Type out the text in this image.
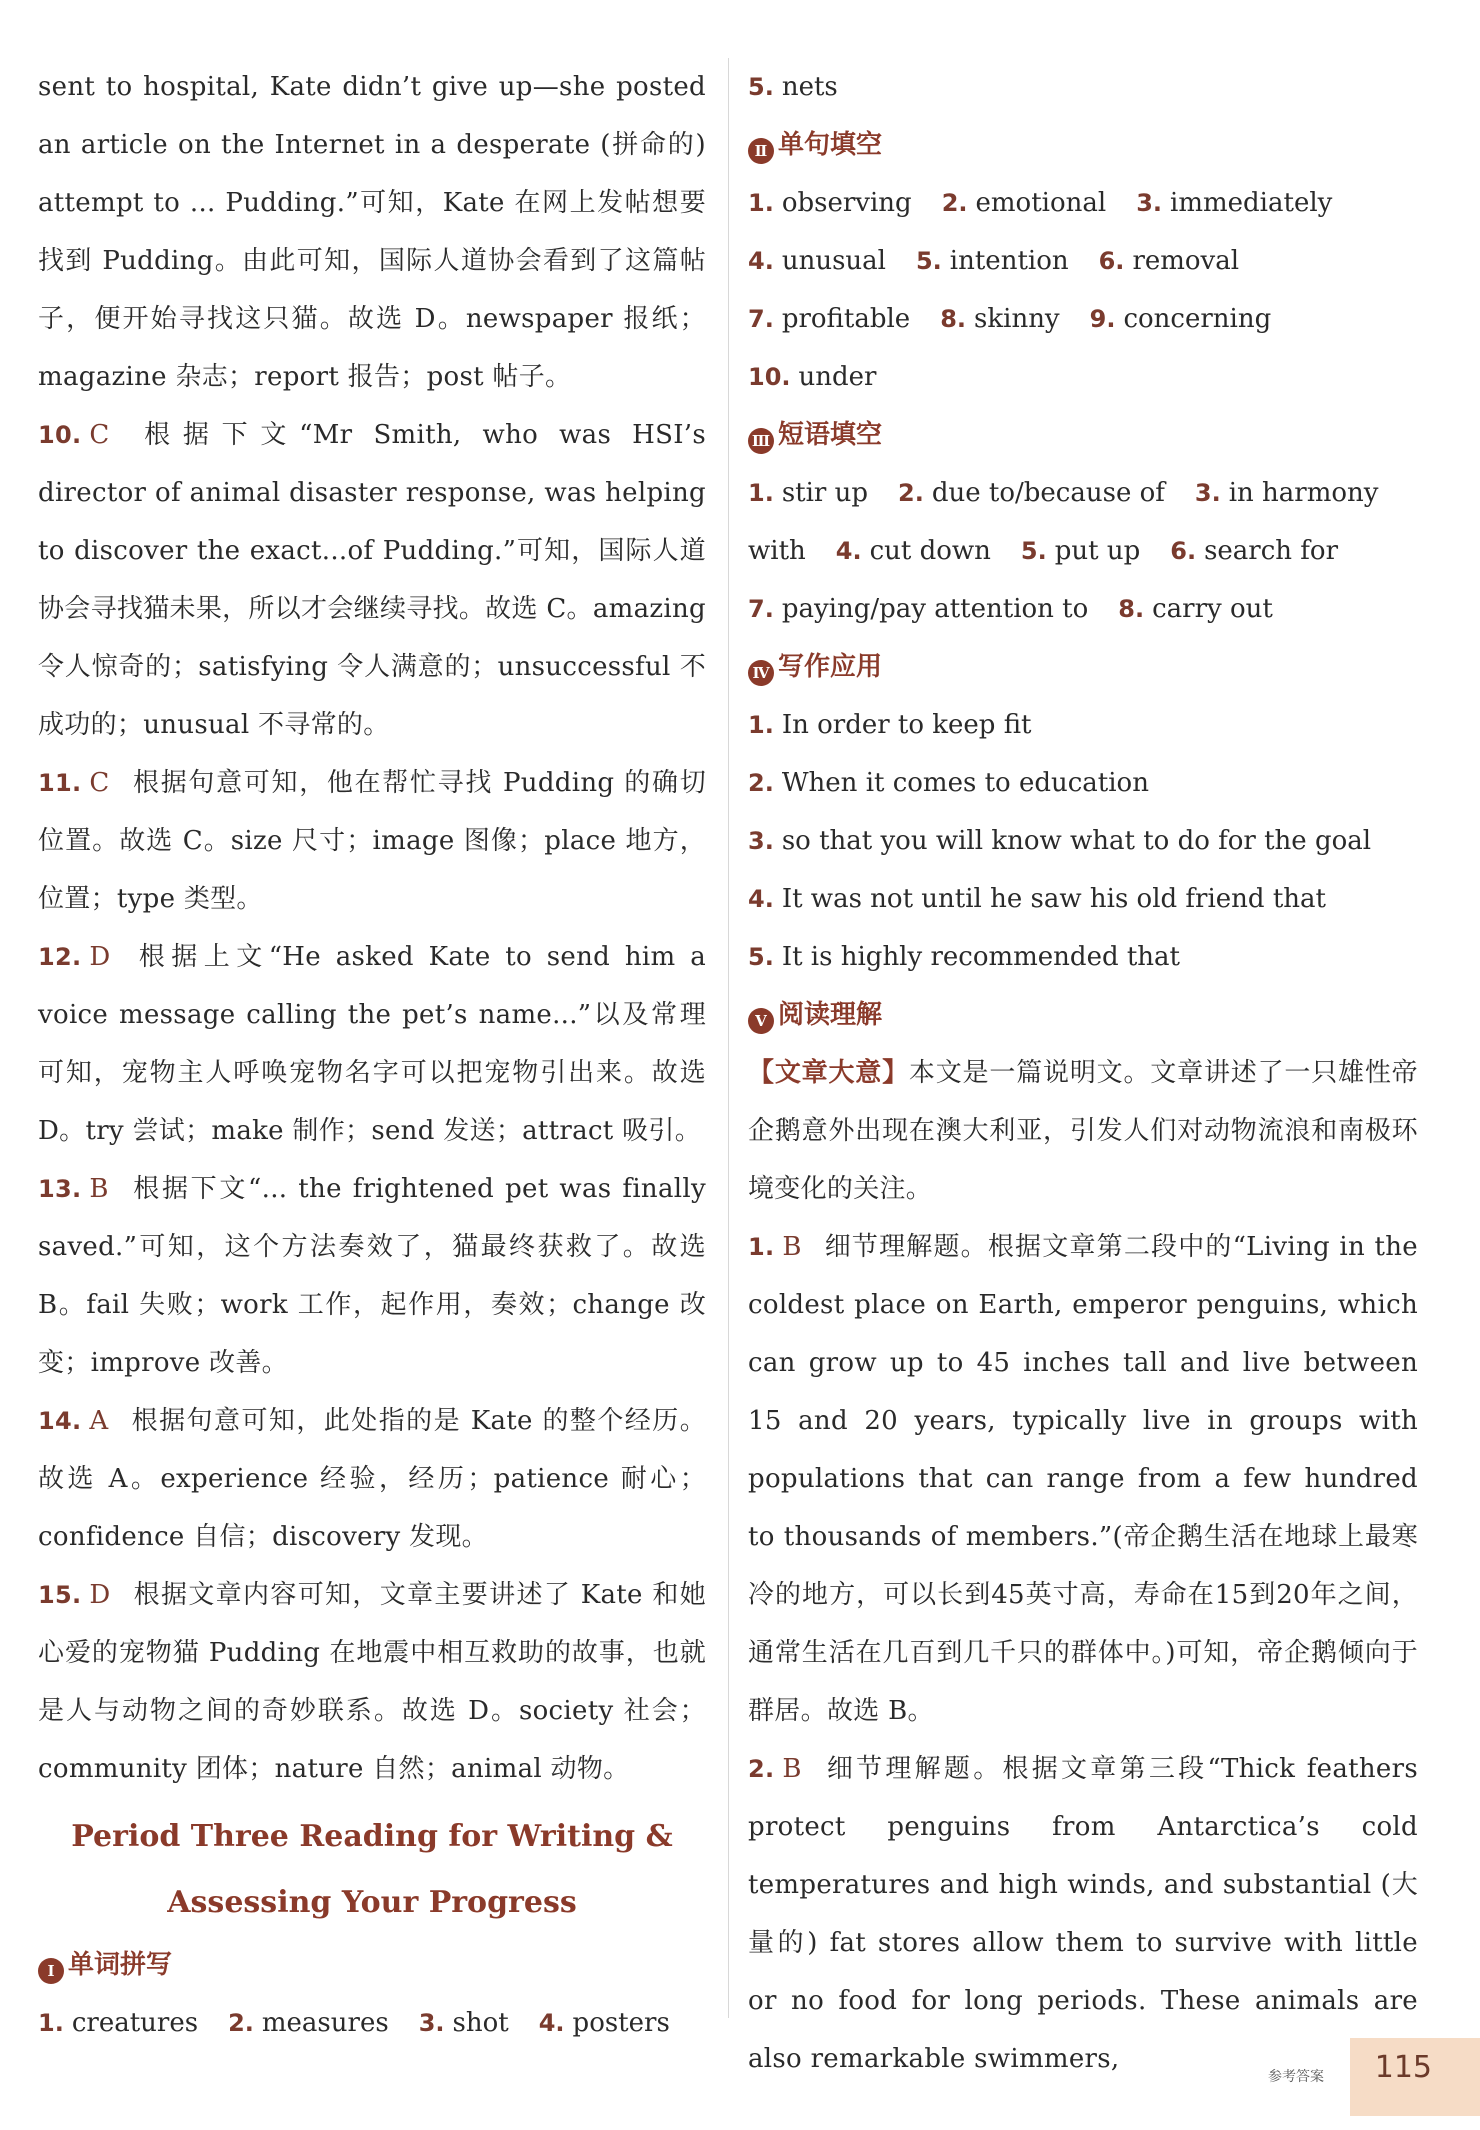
sent to hospital, Kate didn’t give up—she posted an article on the Internet in a desperate (拼命的) attempt to ... Pudding.”可知，Kate 在网上发帖想要找到 Pudding。由此可知，国际人道协会看到了这篇帖子，便开始寻找这只猫。故选 D。newspaper 报纸；magazine 杂志；report 报告；post 帖子。

10. C 根据下文“Mr Smith, who was HSI’s director of animal disaster response, was helping to discover the exact...of Pudding.”可知，国际人道协会寻找猫未果，所以才会继续寻找。故选 C。amazing 令人惊奇的；satisfying 令人满意的；unsuccessful 不成功的；unusual 不寻常的。

11. C 根据句意可知，他在帮忙寻找 Pudding 的确切位置。故选 C。size 尺寸；image 图像；place 地方，位置；type 类型。

12. D 根据上文“He asked Kate to send him a voice message calling the pet’s name...”以及常理可知，宠物主人呼唤宠物名字可以把宠物引出来。故选 D。try 尝试；make 制作；send 发送；attract 吸引。

13. B 根据下文“... the frightened pet was finally saved.”可知，这个方法奏效了，猫最终获救了。故选 B。fail 失败；work 工作，起作用，奏效；change 改变；improve 改善。

14. A 根据句意可知，此处指的是 Kate 的整个经历。故选 A。experience 经验，经历；patience 耐心；confidence 自信；discovery 发现。

15. D 根据文章内容可知，文章主要讲述了 Kate 和她心爱的宠物猫 Pudding 在地震中相互救助的故事，也就是人与动物之间的奇妙联系。故选 D。society 社会；community 团体；nature 自然；animal 动物。

Period Three Reading for Writing &
Assessing Your Progress
Ⅰ 单词拼写
1. creatures 2. measures 3. shot 4. posters
5. nets
Ⅱ 单句填空
1. observing 2. emotional 3. immediately
4. unusual 5. intention 6. removal
7. profitable 8. skinny 9. concerning
10. under
Ⅲ 短语填空
1. stir up 2. due to/because of 3. in harmony
with 4. cut down 5. put up 6. search for
7. paying/pay attention to 8. carry out
Ⅳ 写作应用
1. In order to keep fit
2. When it comes to education
3. so that you will know what to do for the goal
4. It was not until he saw his old friend that
5. It is highly recommended that
Ⅴ 阅读理解

【文章大意】本文是一篇说明文。文章讲述了一只雄性帝企鹅意外出现在澳大利亚，引发人们对动物流浪和南极环境变化的关注。

1. B 细节理解题。根据文章第二段中的“Living in the coldest place on Earth, emperor penguins, which can grow up to 45 inches tall and live between 15 and 20 years, typically live in groups with populations that can range from a few hundred to thousands of members.”(帝企鹅生活在地球上最寒冷的地方，可以长到45英寸高，寿命在15到20年之间，通常生活在几百到几千只的群体中。)可知，帝企鹅倾向于群居。故选 B。

2. B 细节理解题。根据文章第三段“Thick feathers protect penguins from Antarctica’s cold temperatures and high winds, and substantial (大量的) fat stores allow them to survive with little or no food for long periods. These animals are also remarkable swimmers,

参考答案 115
